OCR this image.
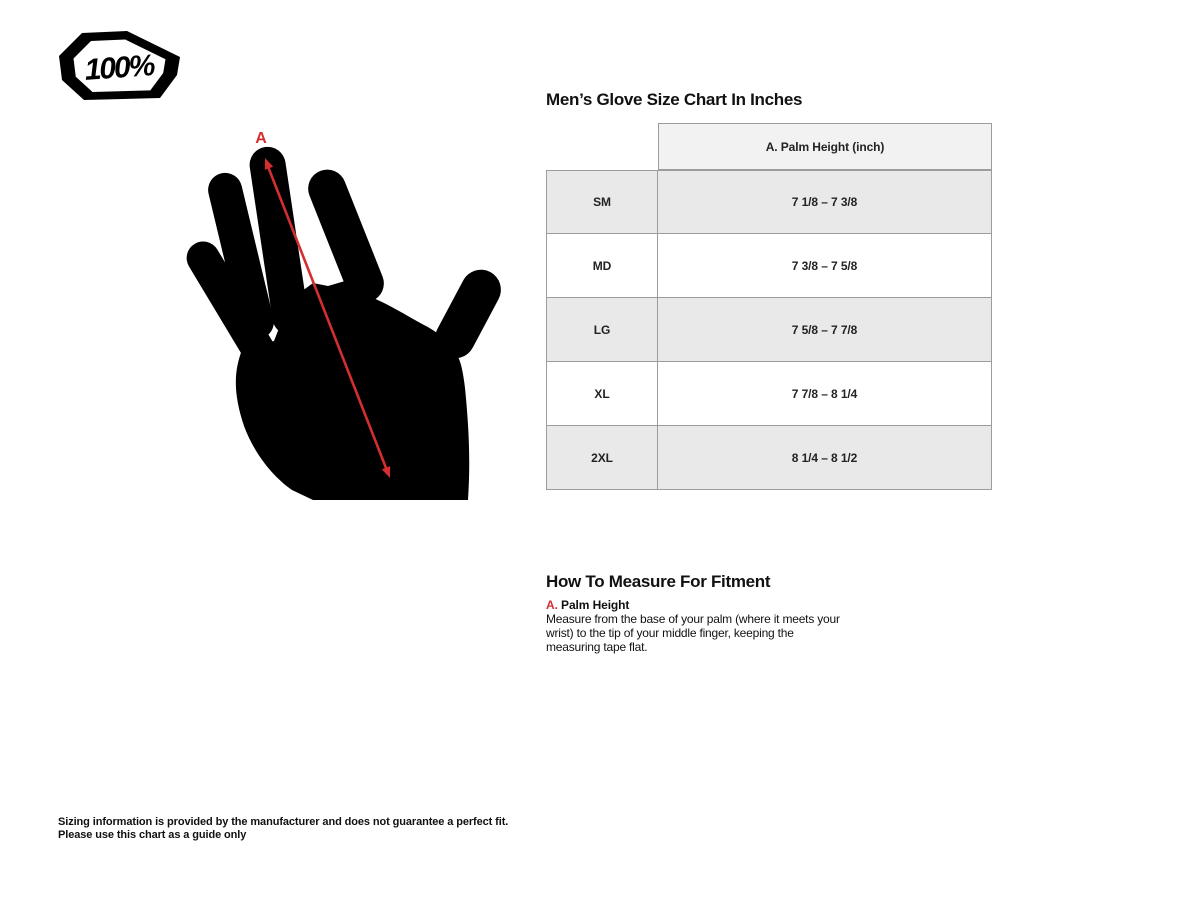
100%
A
Men’s Glove Size Chart In Inches
A. Palm Height (inch)
SM	7 1/8 – 7 3/8
MD	7 3/8 – 7 5/8
LG	7 5/8 – 7 7/8
XL	7 7/8 – 8 1/4
2XL	8 1/4 – 8 1/2
How To Measure For Fitment
A. Palm Height
Measure from the base of your palm (where it meets your wrist) to the tip of your middle finger, keeping the measuring tape flat.
Sizing information is provided by the manufacturer and does not guarantee a perfect fit.
Please use this chart as a guide only
